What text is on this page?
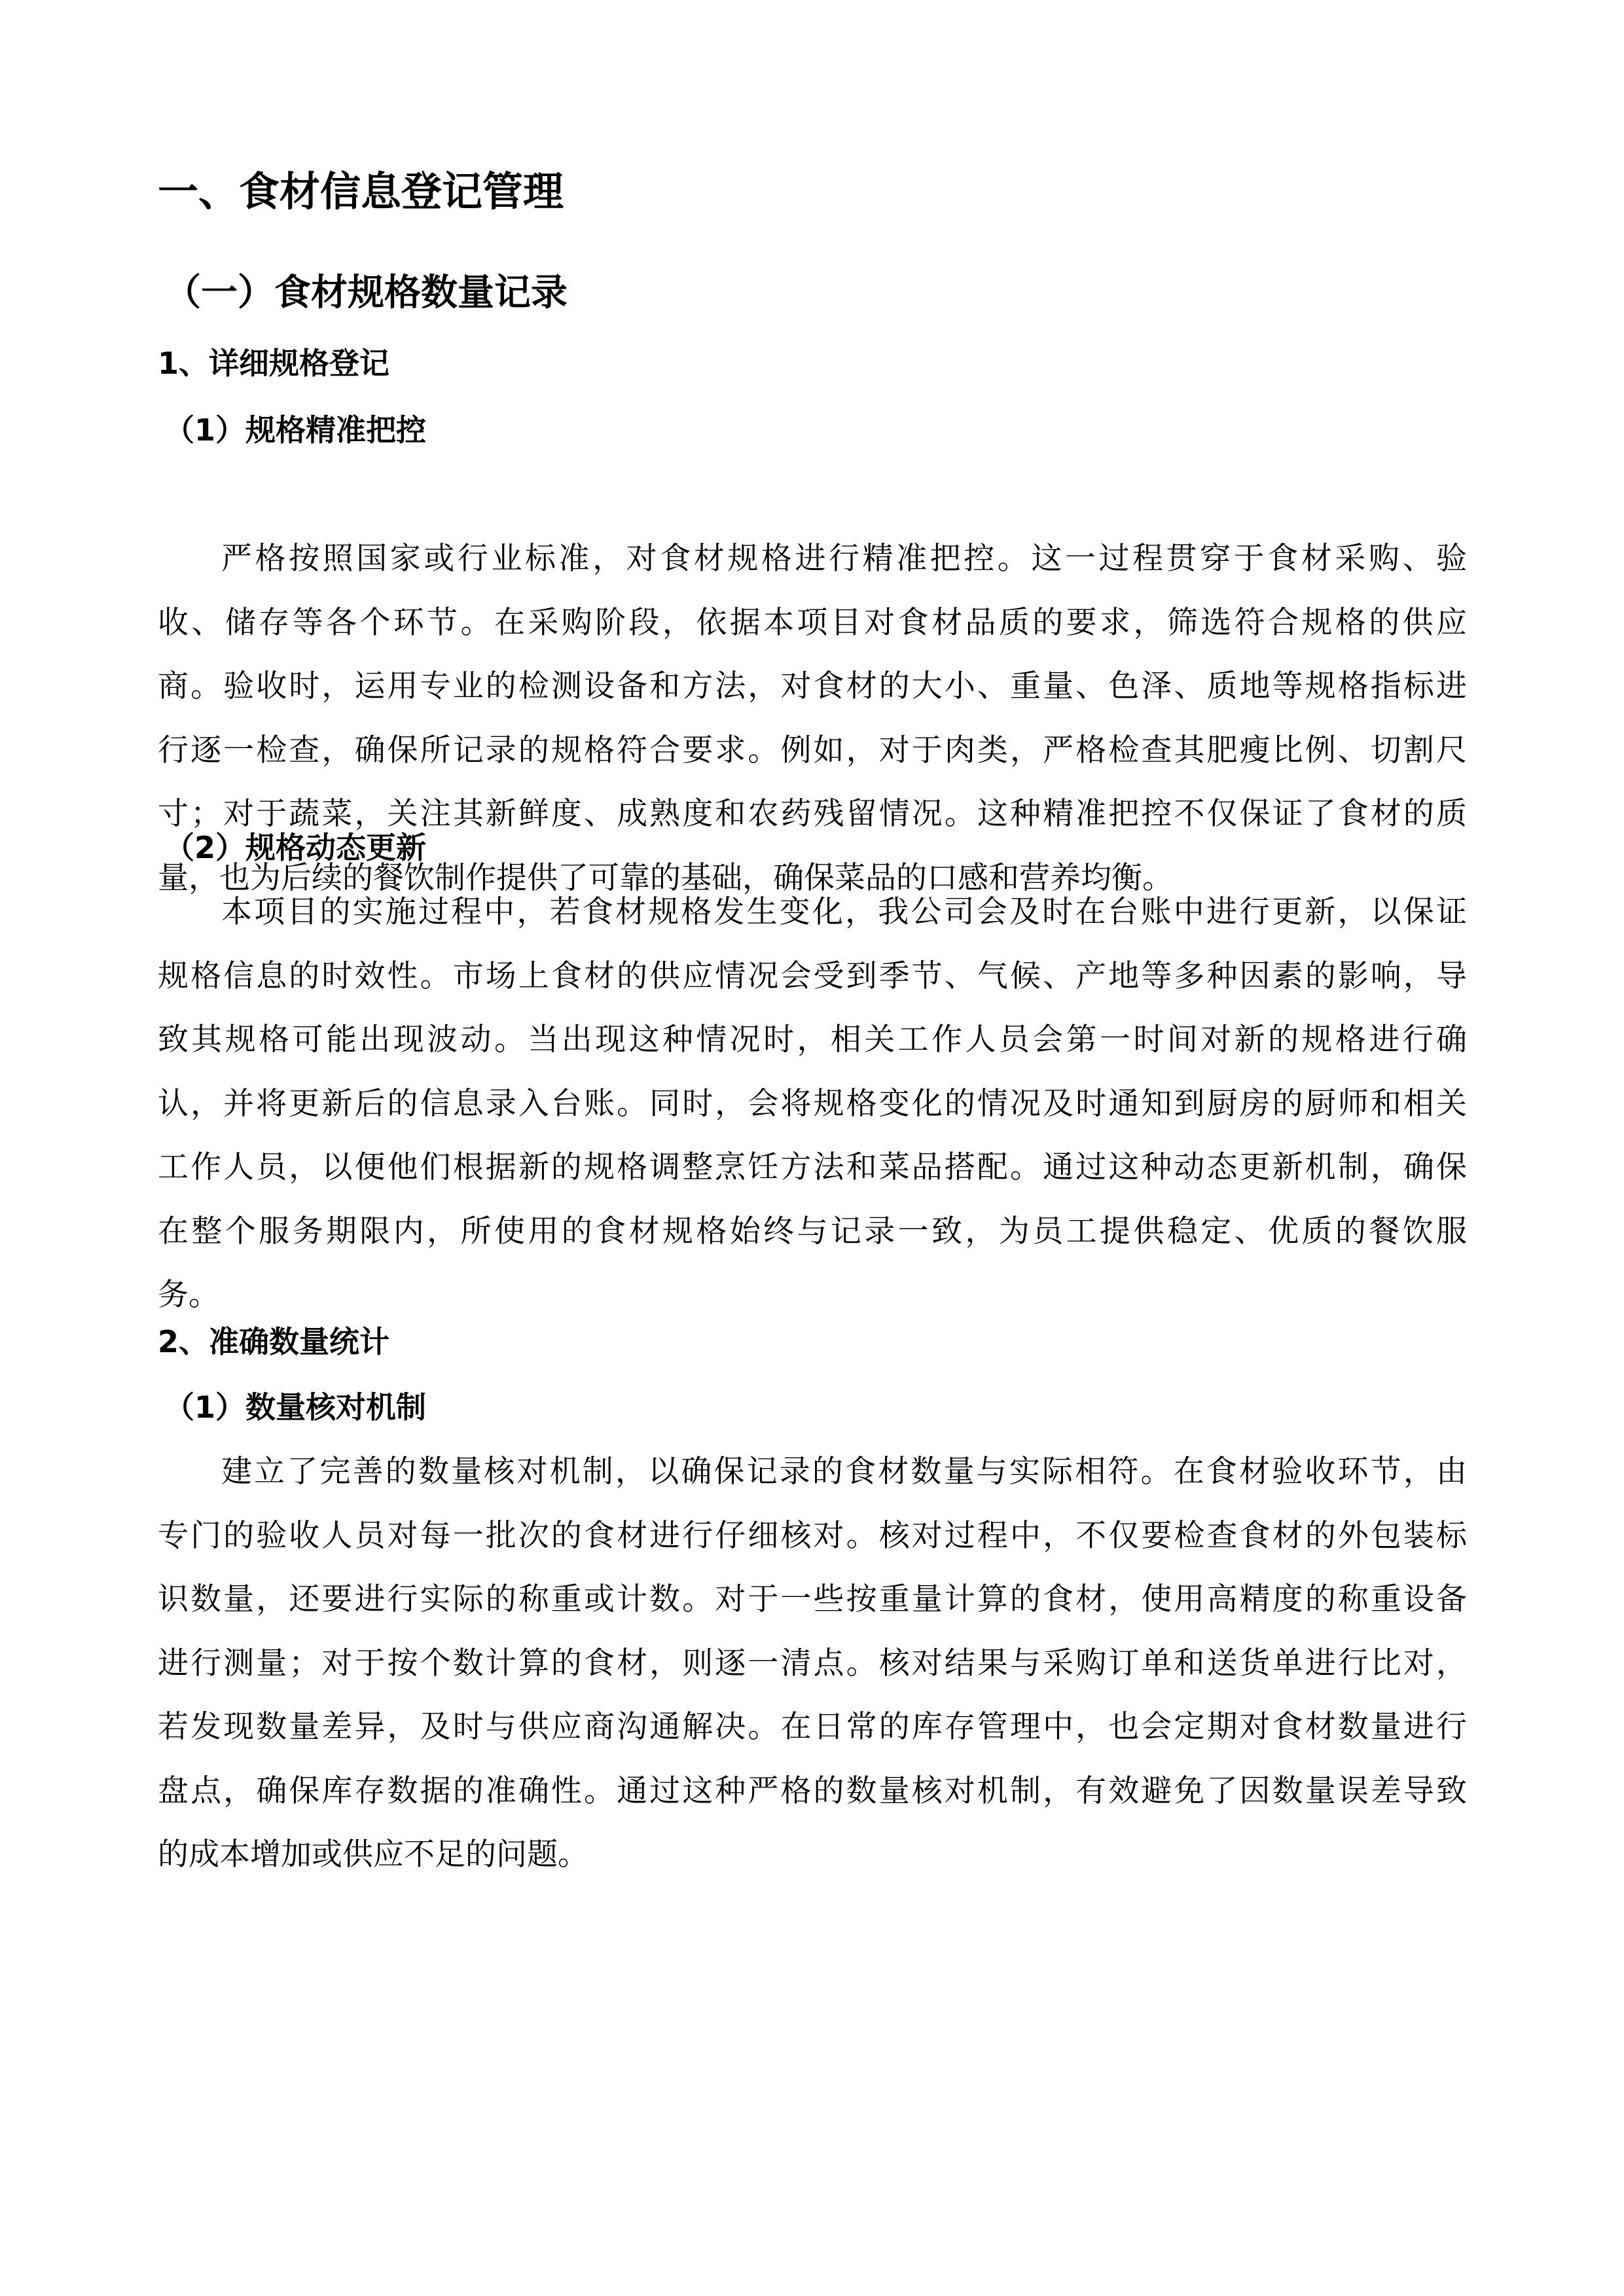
一、食材信息登记管理
（一）食材规格数量记录
1、详细规格登记
（1）规格精准把控
严格按照国家或行业标准，对食材规格进行精准把控。这一过程贯穿于食材采购、验
收、储存等各个环节。在采购阶段，依据本项目对食材品质的要求，筛选符合规格的供应
商。验收时，运用专业的检测设备和方法，对食材的大小、重量、色泽、质地等规格指标进
行逐一检查，确保所记录的规格符合要求。例如，对于肉类，严格检查其肥瘦比例、切割尺
寸；对于蔬菜，关注其新鲜度、成熟度和农药残留情况。这种精准把控不仅保证了食材的质
量，也为后续的餐饮制作提供了可靠的基础，确保菜品的口感和营养均衡。
（2）规格动态更新
本项目的实施过程中，若食材规格发生变化，我公司会及时在台账中进行更新，以保证
规格信息的时效性。市场上食材的供应情况会受到季节、气候、产地等多种因素的影响，导
致其规格可能出现波动。当出现这种情况时，相关工作人员会第一时间对新的规格进行确
认，并将更新后的信息录入台账。同时，会将规格变化的情况及时通知到厨房的厨师和相关
工作人员，以便他们根据新的规格调整烹饪方法和菜品搭配。通过这种动态更新机制，确保
在整个服务期限内，所使用的食材规格始终与记录一致，为员工提供稳定、优质的餐饮服
务。
2、准确数量统计
（1）数量核对机制
建立了完善的数量核对机制，以确保记录的食材数量与实际相符。在食材验收环节，由
专门的验收人员对每一批次的食材进行仔细核对。核对过程中，不仅要检查食材的外包装标
识数量，还要进行实际的称重或计数。对于一些按重量计算的食材，使用高精度的称重设备
进行测量；对于按个数计算的食材，则逐一清点。核对结果与采购订单和送货单进行比对，
若发现数量差异，及时与供应商沟通解决。在日常的库存管理中，也会定期对食材数量进行
盘点，确保库存数据的准确性。通过这种严格的数量核对机制，有效避免了因数量误差导致
的成本增加或供应不足的问题。
